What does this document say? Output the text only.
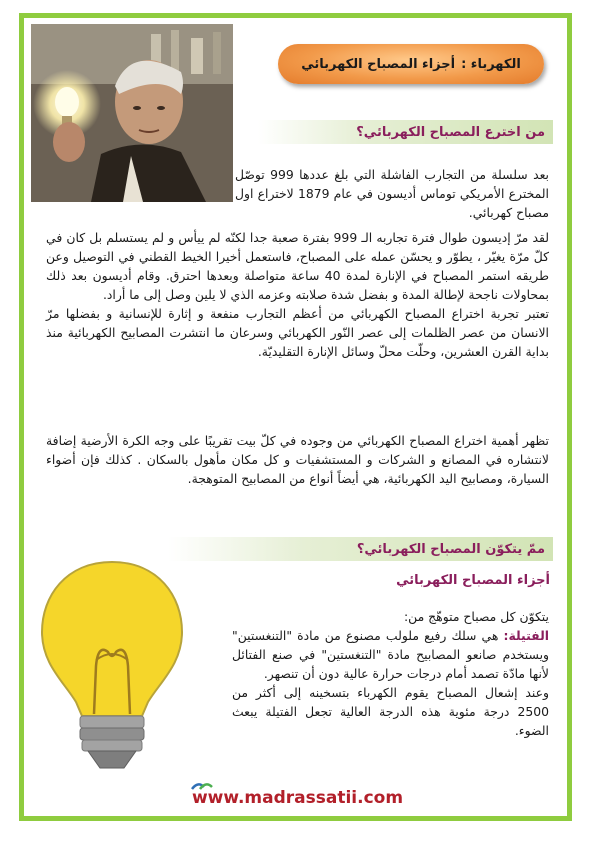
الكهرباء :
أجزاء المصباح الكهربائي
من اخترع المصباح الكهربائي؟

بعد سلسلة من التجارب الفاشلة التي بلغ عددها 999 توصّل المخترع الأمريكي توماس أديسون في عام 1879 لاختراع اول مصباح كهربائي.

لقد مرّ إديسون طوال فترة تجاربه الـ 999 بفترة صعبة جدا لكنّه لم ييأس و لم يستسلم بل كان في كلّ مرّة يغيّر ، يطوّر و يحسّن عمله على المصباح، فاستعمل أخيرا الخيط القطني في التوصيل وعن طريقه استمر المصباح في الإنارة لمدة 40 ساعة متواصلة وبعدها احترق. وقام أديسون بعد ذلك بمحاولات ناجحة لإطالة المدة و بفضل شدة صلابته وعزمه الذي لا يلين وصل إلى ما أراد.

تعتبر تجربة اختراع المصباح الكهربائي من أعظم التجارب منفعة و إثارة للإنسانية و بفضلها مرّ الانسان من عصر الظلمات إلى عصر النّور الكهربائي وسرعان ما انتشرت المصابيح الكهربائية منذ بداية القرن العشرين، وحلّت محلّ وسائل الإنارة التقليديّة.

تظهر أهمية اختراع المصباح الكهربائي من وجوده في كلّ بيت تقريبًا على وجه الكرة الأرضية إضافة لانتشاره في المصانع و الشركات و المستشفيات و كل مكان مأهول بالسكان . كذلك فإن أضواء السيارة، ومصابيح اليد الكهربائية، هي أيضاً أنواع من المصابيح المتوهجة.

ممّ يتكوّن المصباح الكهربائي؟
أجزاء المصباح الكهربائي

يتكوّن كل مصباح متوهّج من:

الفتيلة: هي سلك رفيع ملولب مصنوع من مادة "التنغستين" ويستخدم صانعو المصابيح مادة "التنغستين" في صنع الفتائل لأنها مادّة تصمد أمام درجات حرارة عالية دون أن تنصهر.

وعند إشعال المصباح يقوم الكهرباء بتسخينه إلى أكثر من 2500 درجة مئوية هذه الدرجة العالية تجعل الفتيلة يبعث الضوء.

www.madrassatii.com
